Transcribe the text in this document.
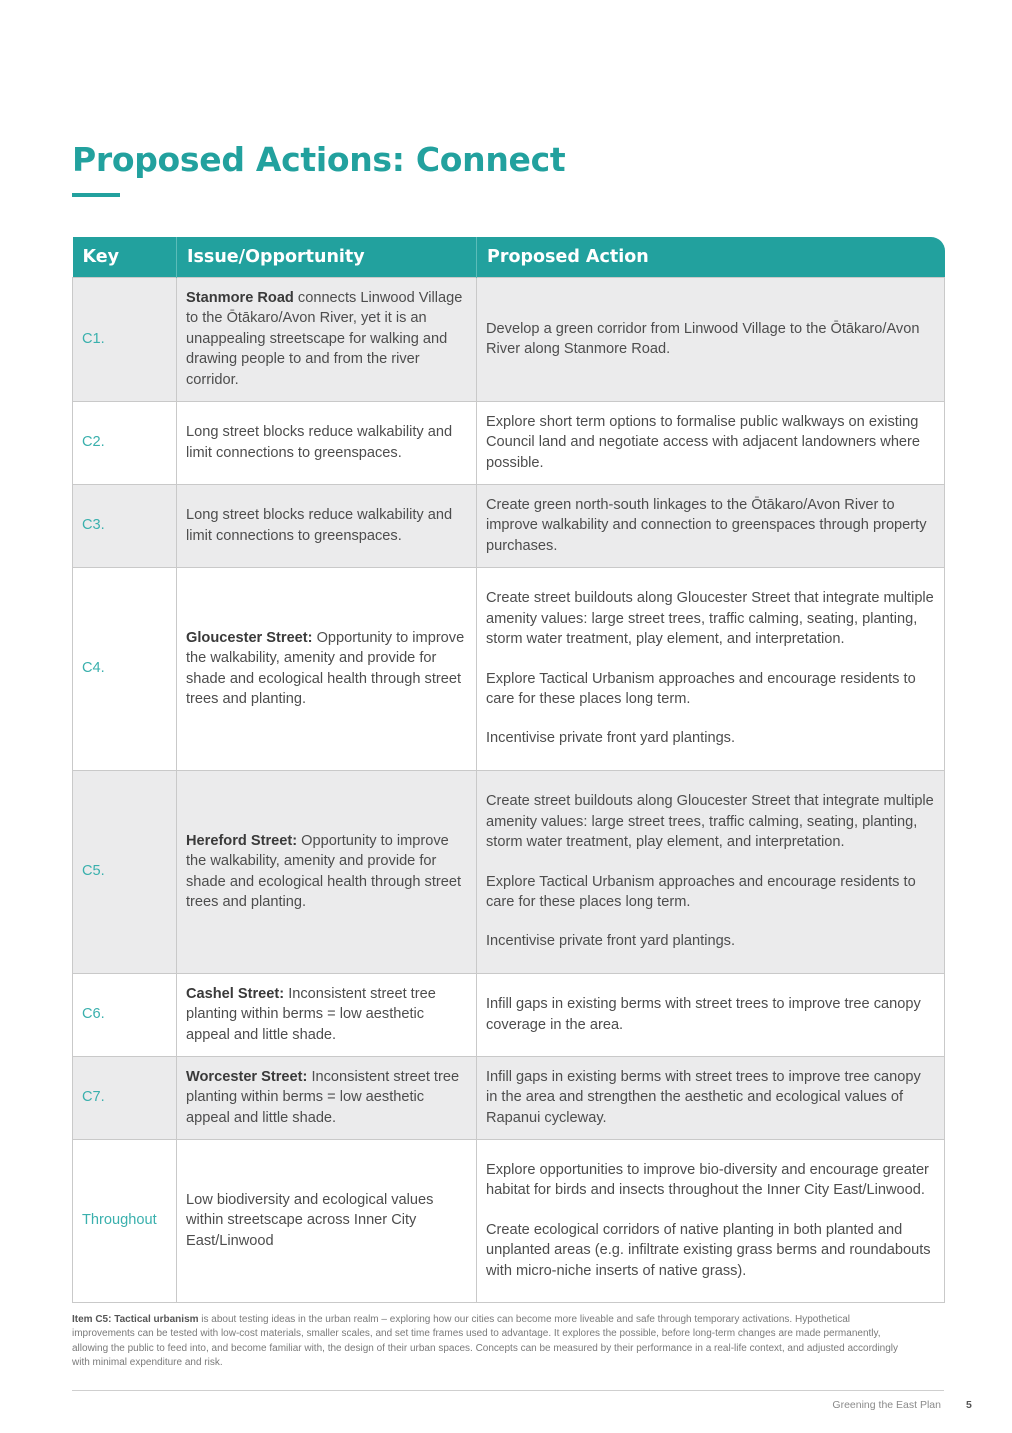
Proposed Actions: Connect
Key	Issue/Opportunity	Proposed Action
C1.	Stanmore Road connects Linwood Village to the Ōtākaro/Avon River, yet it is an unappealing streetscape for walking and drawing people to and from the river corridor.	Develop a green corridor from Linwood Village to the Ōtākaro/Avon River along Stanmore Road.

C2.	Long street blocks reduce walkability and limit connections to greenspaces.	Explore short term options to formalise public walkways on existing Council land and negotiate access with adjacent landowners where possible.

C3.	Long street blocks reduce walkability and limit connections to greenspaces.	Create green north-south linkages to the Ōtākaro/Avon River to improve walkability and connection to greenspaces through property purchases.

C4.	Gloucester Street: Opportunity to improve the walkability, amenity and provide for shade and ecological health through street trees and planting.	Create street buildouts along Gloucester Street that integrate multiple amenity values: large street trees, traffic calming, seating, planting, storm water treatment, play element, and interpretation.
Explore Tactical Urbanism approaches and encourage residents to care for these places long term.
Incentivise private front yard plantings.

C5.	Hereford Street: Opportunity to improve the walkability, amenity and provide for shade and ecological health through street trees and planting.	Create street buildouts along Gloucester Street that integrate multiple amenity values: large street trees, traffic calming, seating, planting, storm water treatment, play element, and interpretation.
Explore Tactical Urbanism approaches and encourage residents to care for these places long term.
Incentivise private front yard plantings.

C6.	Cashel Street: Inconsistent street tree planting within berms = low aesthetic appeal and little shade.	Infill gaps in existing berms with street trees to improve tree canopy coverage in the area.

C7.	Worcester Street: Inconsistent street tree planting within berms = low aesthetic appeal and little shade.	Infill gaps in existing berms with street trees to improve tree canopy in the area and strengthen the aesthetic and ecological values of Rapanui cycleway.

Throughout	Low biodiversity and ecological values within streetscape across Inner City East/Linwood	Explore opportunities to improve bio-diversity and encourage greater habitat for birds and insects throughout the Inner City East/Linwood.
Create ecological corridors of native planting in both planted and unplanted areas (e.g. infiltrate existing grass berms and roundabouts with micro-niche inserts of native grass).

Item C5: Tactical urbanism is about testing ideas in the urban realm – exploring how our cities can become more liveable and safe through temporary activations. Hypothetical improvements can be tested with low-cost materials, smaller scales, and set time frames used to advantage. It explores the possible, before long-term changes are made permanently, allowing the public to feed into, and become familiar with, the design of their urban spaces. Concepts can be measured by their performance in a real-life context, and adjusted accordingly with minimal expenditure and risk.

Greening the East Plan 5
